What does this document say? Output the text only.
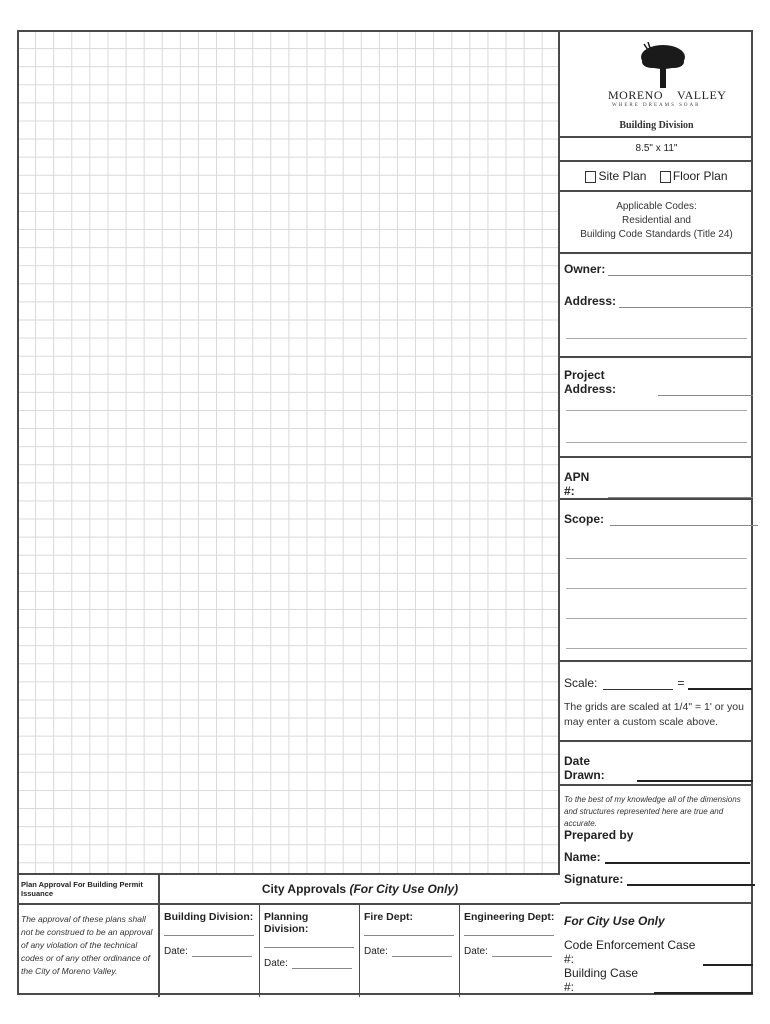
MORENO VALLEY
WHERE DREAMS SOAR
Building Division
8.5" x 11"
Site Plan Floor Plan
Applicable Codes:
Residential and
Building Code Standards (Title 24)
Owner:
Address:
Project Address:
APN #:
Scope:
Scale:	=
The grids are scaled at 1/4" = 1' or you may enter a custom scale above.
Date Drawn:
To the best of my knowledge all of the dimensions and structures represented here are true and accurate.
Prepared by
Name:
Signature:
For City Use Only
Code Enforcement Case #:
Building Case #:
Plan Approval For Building Permit Issuance	City Approvals
(For City Use Only)
The approval of these plans shall not be construed to be an approval of any violation of the technical codes or of any other ordinance of the City of Moreno Valley.
Building Division:
Date:
Planning Division:
Date:
Fire Dept:
Date:
Engineering Dept:
Date:
